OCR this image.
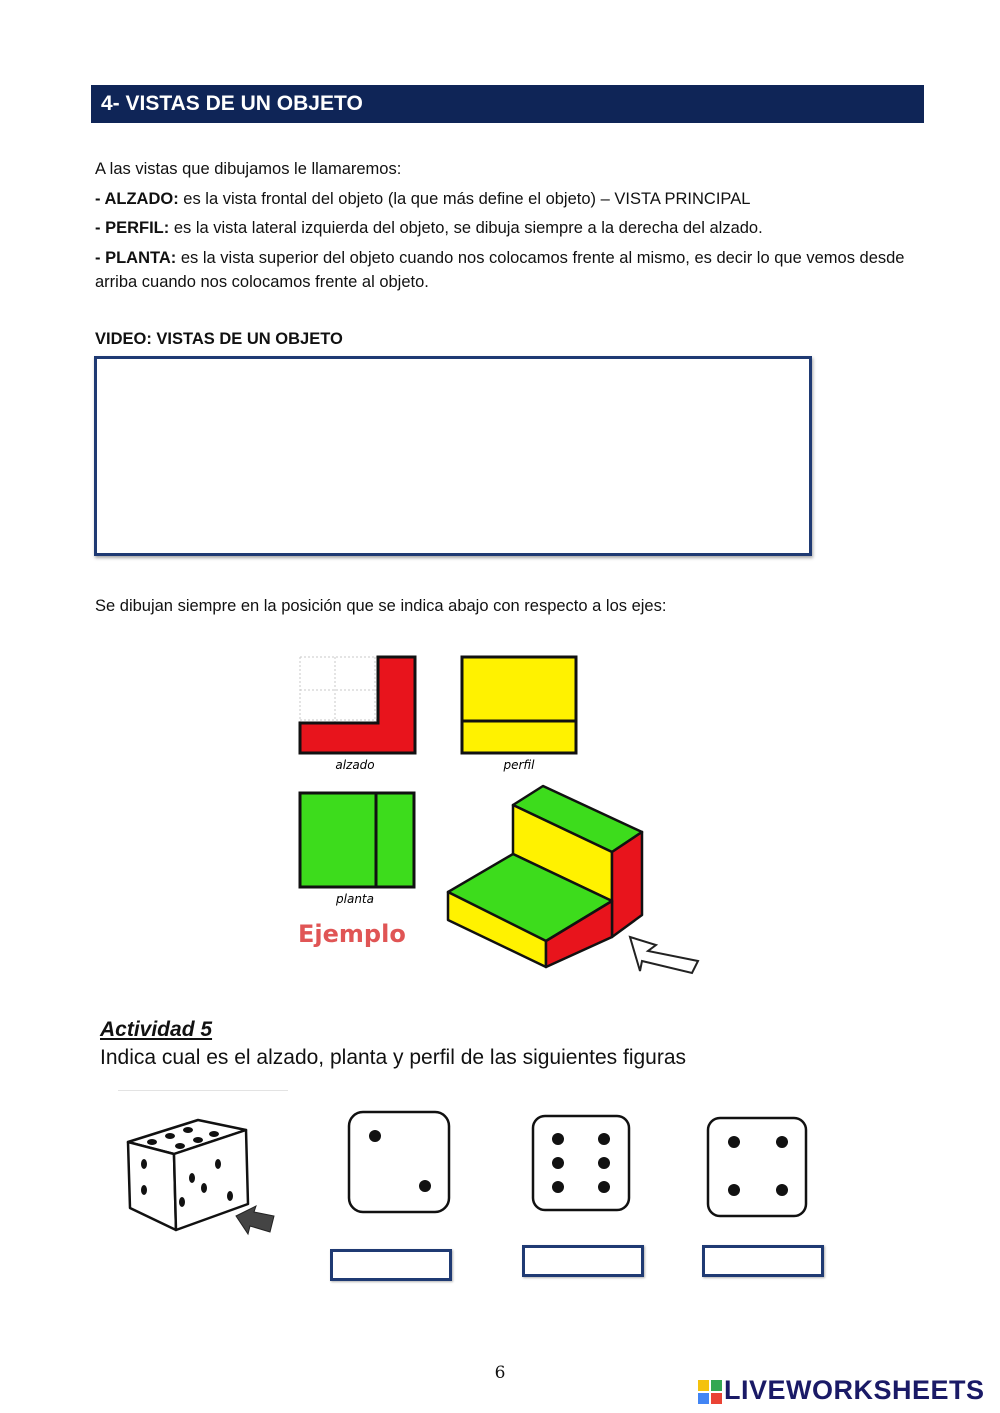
4- VISTAS DE UN OBJETO
A las vistas que dibujamos le llamaremos:
- ALZADO: es la vista frontal del objeto (la que más define el objeto) – VISTA PRINCIPAL
- PERFIL: es la vista lateral izquierda del objeto, se dibuja siempre a la derecha del alzado.
- PLANTA: es la vista superior del objeto cuando nos colocamos frente al mismo, es decir lo que vemos desde arriba cuando nos colocamos frente al objeto.
VIDEO: VISTAS DE UN OBJETO
Se dibujan siempre en la posición que se indica abajo con respecto a los ejes:
alzado	perfil
planta
Ejemplo
Actividad 5
Indica cual es el alzado, planta y perfil de las siguientes figuras
6
LIVEWORKSHEETS
